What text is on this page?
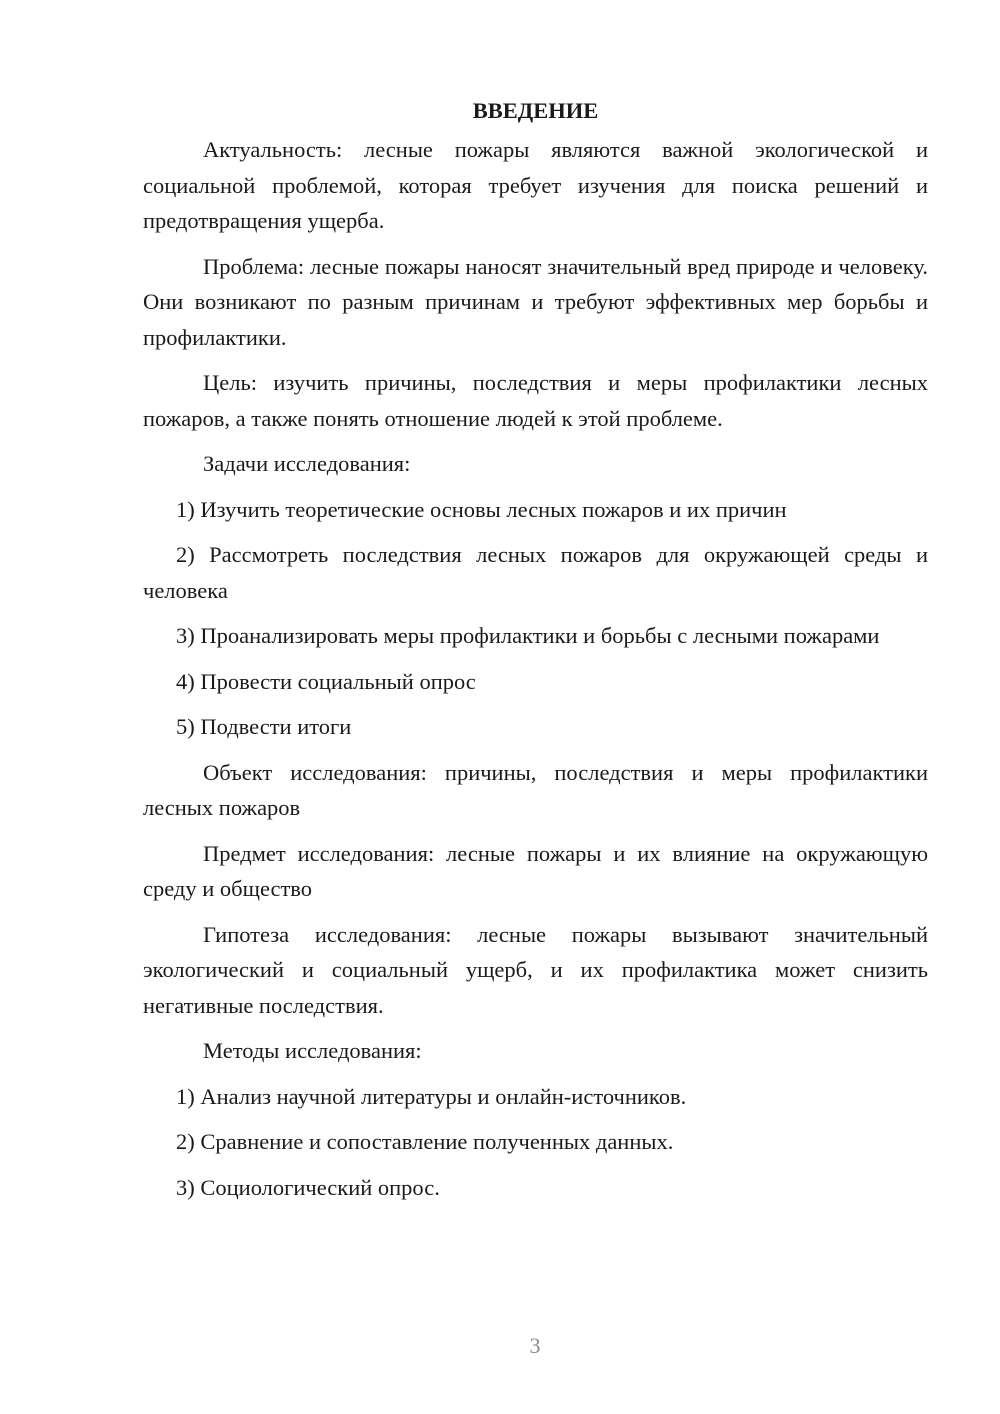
ВВЕДЕНИЕ

Актуальность: лесные пожары являются важной экологической и социальной проблемой, которая требует изучения для поиска решений и предотвращения ущерба.

Проблема: лесные пожары наносят значительный вред природе и человеку. Они возникают по разным причинам и требуют эффективных мер борьбы и профилактики.

Цель: изучить причины, последствия и меры профилактики лесных пожаров, а также понять отношение людей к этой проблеме.

Задачи исследования:

1) Изучить теоретические основы лесных пожаров и их причин

2) Рассмотреть последствия лесных пожаров для окружающей среды и человека

3) Проанализировать меры профилактики и борьбы с лесными пожарами

4) Провести социальный опрос

5) Подвести итоги

Объект исследования: причины, последствия и меры профилактики лесных пожаров

Предмет исследования: лесные пожары и их влияние на окружающую среду и общество

Гипотеза исследования: лесные пожары вызывают значительный экологический и социальный ущерб, и их профилактика может снизить негативные последствия.

Методы исследования:

1) Анализ научной литературы и онлайн-источников.

2) Сравнение и сопоставление полученных данных.

3) Социологический опрос.

3
